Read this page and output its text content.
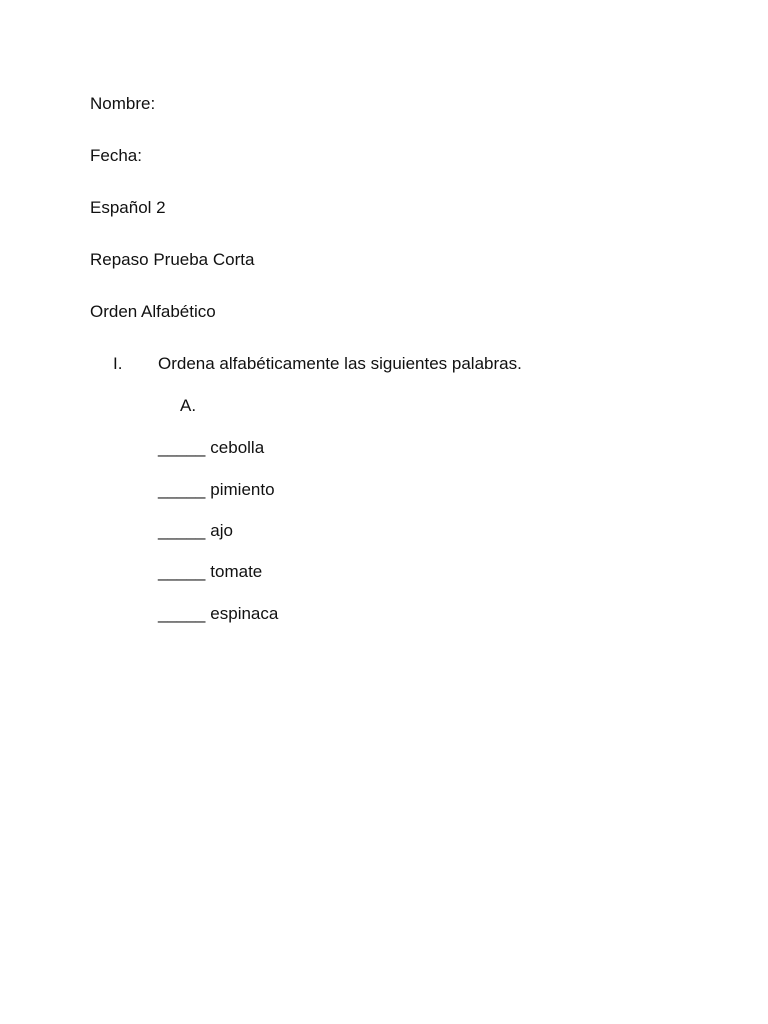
Nombre:
Fecha:
Español 2
Repaso Prueba Corta
Orden Alfabético
I. Ordena alfabéticamente las siguientes palabras.
A.
_____ cebolla
_____ pimiento
_____ ajo
_____ tomate
_____ espinaca
